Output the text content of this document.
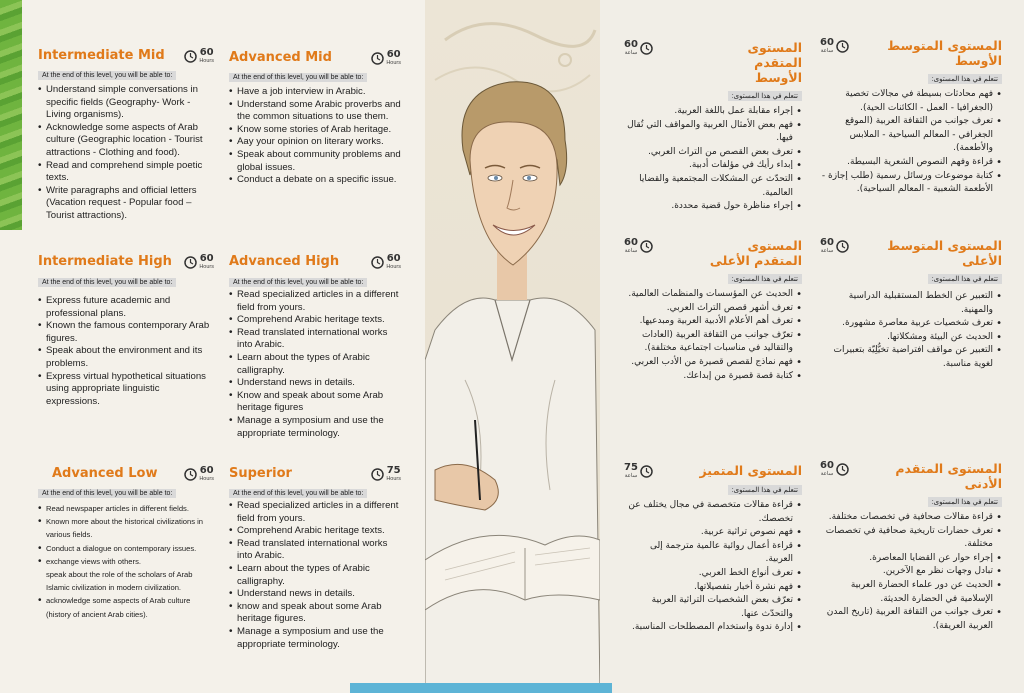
Intermediate Mid	60
Hours
At the end of this level, you will be able to:
• Understand simple conversations in specific fields (Geography- Work - Living organisms).
• Acknowledge some aspects of Arab culture (Geographic location - Tourist attractions - Clothing and food).
• Read and comprehend simple poetic texts.
• Write paragraphs and official letters (Vacation request - Popular food – Tourist attractions).
Intermediate High	60
Hours
At the end of this level, you will be able to:
• Express future academic and professional plans.
• Known the famous contemporary Arab figures.
• Speak about the environment and its problems.
• Express virtual hypothetical situations using appropriate linguistic expressions.
Advanced Low	60
Hours
At the end of this level, you will be able to:
• Read newspaper articles in different fields.
• Known more about the historical civilizations in various fields.
• Conduct a dialogue on contemporary issues.
• exchange views with others.
speak about the role of the scholars of Arab Islamic civilization in modern civilization.
• acknowledge some aspects of Arab culture (history of ancient Arab cities).
Advanced Mid	60
Hours
At the end of this level, you will be able to:
• Have a job interview in Arabic.
• Understand some Arabic proverbs and the common situations to use them.
• Know some stories of Arab heritage.
• Aay your opinion on literary works.
• Speak about community problems and global issues.
• Conduct a debate on a specific issue.
Advanced High	60
Hours
At the end of this level, you will be able to:
• Read specialized articles in a different field from yours.
• Comprehend Arabic heritage texts.
• Read translated international works into Arabic.
• Learn about the types of Arabic calligraphy.
• Understand news in details.
• Know and speak about some Arab heritage figures
• Manage a symposium and use the appropriate terminology.
Superior	75
Hours
At the end of this level, you will be able to:
• Read specialized articles in a different field from yours.
• Comprehend Arabic heritage texts.
• Read translated international works into Arabic.
• Learn about the types of Arabic calligraphy.
• Understand news in details.
• know and speak about some Arab heritage figures.
• Manage a symposium and use the appropriate terminology.
المستوى المتقدم الأوسط
60
ساعة
تتعلم في هذا المستوى:
• إجراء مقابلة عمل باللغة العربية.
• فهم بعض الأمثال العربية والمواقف التي تُقال فيها.
• تعرف بعض القصص من التراث العربي.
• إبداء رأيك في مؤلفات أدبية.
• التحدّث عن المشكلات المجتمعية والقضايا العالمية.
• إجراء مناظرة حول قضية محددة.
المستوى المتقدم الأعلى
60
ساعة
تتعلم في هذا المستوى:
• الحديث عن المؤسسات والمنظمات العالمية.
• تعرف أشهر قصص التراث العربي.
• تعرف أهم الأعلام الأدبية العربية ومبدعيها.
• تعرّف جوانب من الثقافة العربية (العادات والتقاليد في مناسبات اجتماعية مختلفة).
• فهم نماذج لقصص قصيرة من الأدب العربي.
• كتابة قصة قصيرة من إبداعك.
المستوى المتميز
75
ساعة
تتعلم في هذا المستوى:
• قراءة مقالات متخصصة في مجال يختلف عن تخصصك.
• فهم نصوص تراثية عربية.
• قراءة أعمال روائية عالمية مترجمة إلى العربية.
• تعرف أنواع الخط العربي.
• فهم نشرة أخبار بتفصيلاتها.
• تعرّف بعض الشخصيات التراثية العربية والتحدّث عنها.
• إدارة ندوة واستخدام المصطلحات المناسبة.
المستوى المتوسط الأوسط
60
ساعة
تتعلم في هذا المستوى:
• فهم محادثات بسيطة في مجالات تخصية (الجغرافيا - العمل - الكائنات الحية).
• تعرف جوانب من الثقافة العربية (الموقع الجغرافي - المعالم السياحية - الملابس والأطعمة).
• قراءة وفهم النصوص الشعرية البسيطة.
• كتابة موضوعات ورسائل رسمية (طلب إجازة - الأطعمة الشعبية - المعالم السياحية).
المستوى المتوسط الأعلى
60
ساعة
تتعلم في هذا المستوى:
• التعبير عن الخطط المستقبلية الدراسية والمهنية.
• تعرف شخصيات عربية معاصرة مشهورة.
• الحديث عن البيئة ومشكلاتها.
• التعبير عن مواقف افتراضية تخيُّلِيّة بتعبيرات لغوية مناسبة.
المستوى المتقدم الأدنى
60
ساعة
تتعلم في هذا المستوى:
• قراءة مقالات صحافية في تخصصات مختلفة.
• تعرف حضارات تاريخية صحافية في تخصصات مختلفة.
• إجراء حوار عن القضايا المعاصرة.
• تبادل وجهات نظر مع الآخرين.
• الحديث عن دور علماء الحضارة العربية الإسلامية في الحضارة الحديثة.
• تعرف جوانب من الثقافة العربية (تاريخ المدن العربية العريقة).
